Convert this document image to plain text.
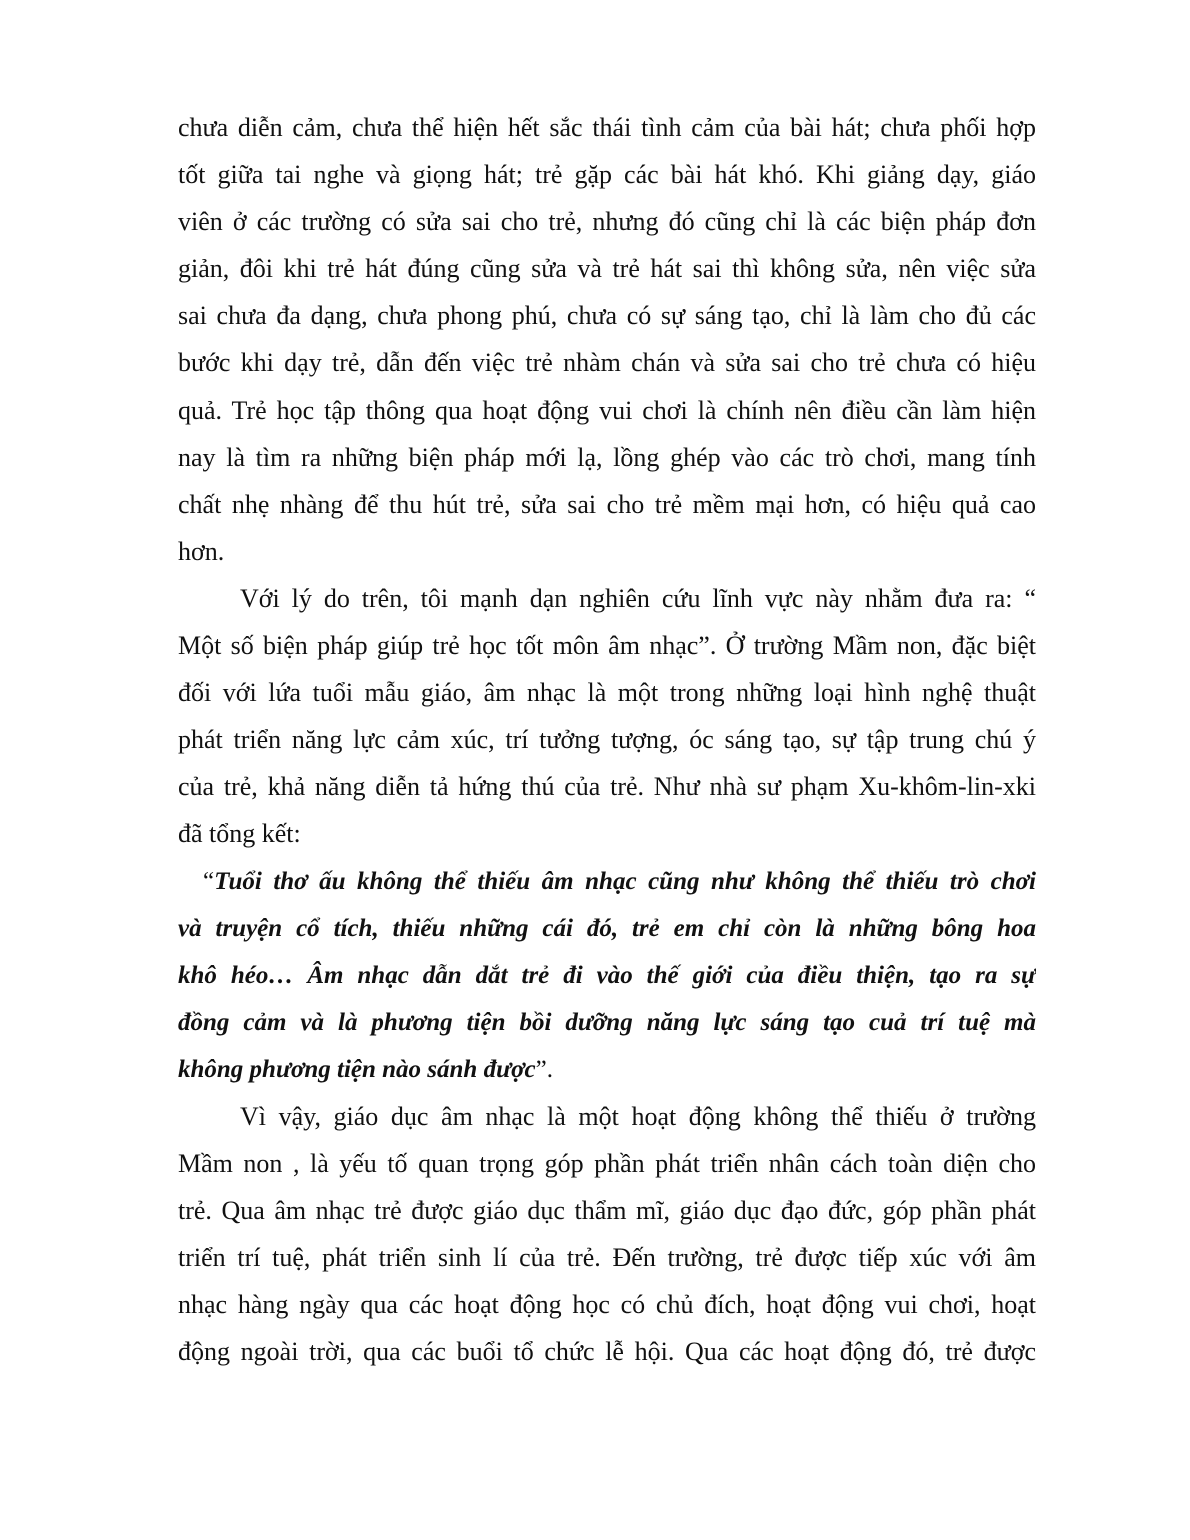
chưa diễn cảm, chưa thể hiện hết sắc thái tình cảm của bài hát; chưa phối hợp
tốt giữa tai nghe và giọng hát; trẻ gặp các bài hát khó. Khi giảng dạy, giáo
viên ở các trường có sửa sai cho trẻ, nhưng đó cũng chỉ là các biện pháp đơn
giản, đôi khi trẻ hát đúng cũng sửa và trẻ hát sai thì không sửa, nên việc sửa
sai chưa đa dạng, chưa phong phú, chưa có sự sáng tạo, chỉ là làm cho đủ các
bước khi dạy trẻ, dẫn đến việc trẻ nhàm chán và sửa sai cho trẻ chưa có hiệu
quả. Trẻ học tập thông qua hoạt động vui chơi là chính nên điều cần làm hiện
nay là tìm ra những biện pháp mới lạ, lồng ghép vào các trò chơi, mang tính
chất nhẹ nhàng để thu hút trẻ, sửa sai cho trẻ mềm mại hơn, có hiệu quả cao
hơn.
Với lý do trên, tôi mạnh dạn nghiên cứu lĩnh vực này nhằm đưa ra: “
Một số biện pháp giúp trẻ học tốt môn âm nhạc”. Ở trường Mầm non, đặc biệt
đối với lứa tuổi mẫu giáo, âm nhạc là một trong những loại hình nghệ thuật
phát triển năng lực cảm xúc, trí tưởng tượng, óc sáng tạo, sự tập trung chú ý
của trẻ, khả năng diễn tả hứng thú của trẻ. Như nhà sư phạm Xu-khôm-lin-xki
đã tổng kết:
“Tuổi thơ ấu không thể thiếu âm nhạc cũng như không thể thiếu trò chơi
và truyện cổ tích, thiếu những cái đó, trẻ em chỉ còn là những bông hoa
khô héo… Âm nhạc dẫn dắt trẻ đi vào thế giới của điều thiện, tạo ra sự
đồng cảm và là phương tiện bồi dưỡng năng lực sáng tạo cuả trí tuệ mà
không phương tiện nào sánh được”.
Vì vậy, giáo dục âm nhạc là một hoạt động không thể thiếu ở trường
Mầm non , là yếu tố quan trọng góp phần phát triển nhân cách toàn diện cho
trẻ. Qua âm nhạc trẻ được giáo dục thẩm mĩ, giáo dục đạo đức, góp phần phát
triển trí tuệ, phát triển sinh lí của trẻ. Đến trường, trẻ được tiếp xúc với âm
nhạc hàng ngày qua các hoạt động học có chủ đích, hoạt động vui chơi, hoạt
động ngoài trời, qua các buổi tổ chức lễ hội. Qua các hoạt động đó, trẻ được
